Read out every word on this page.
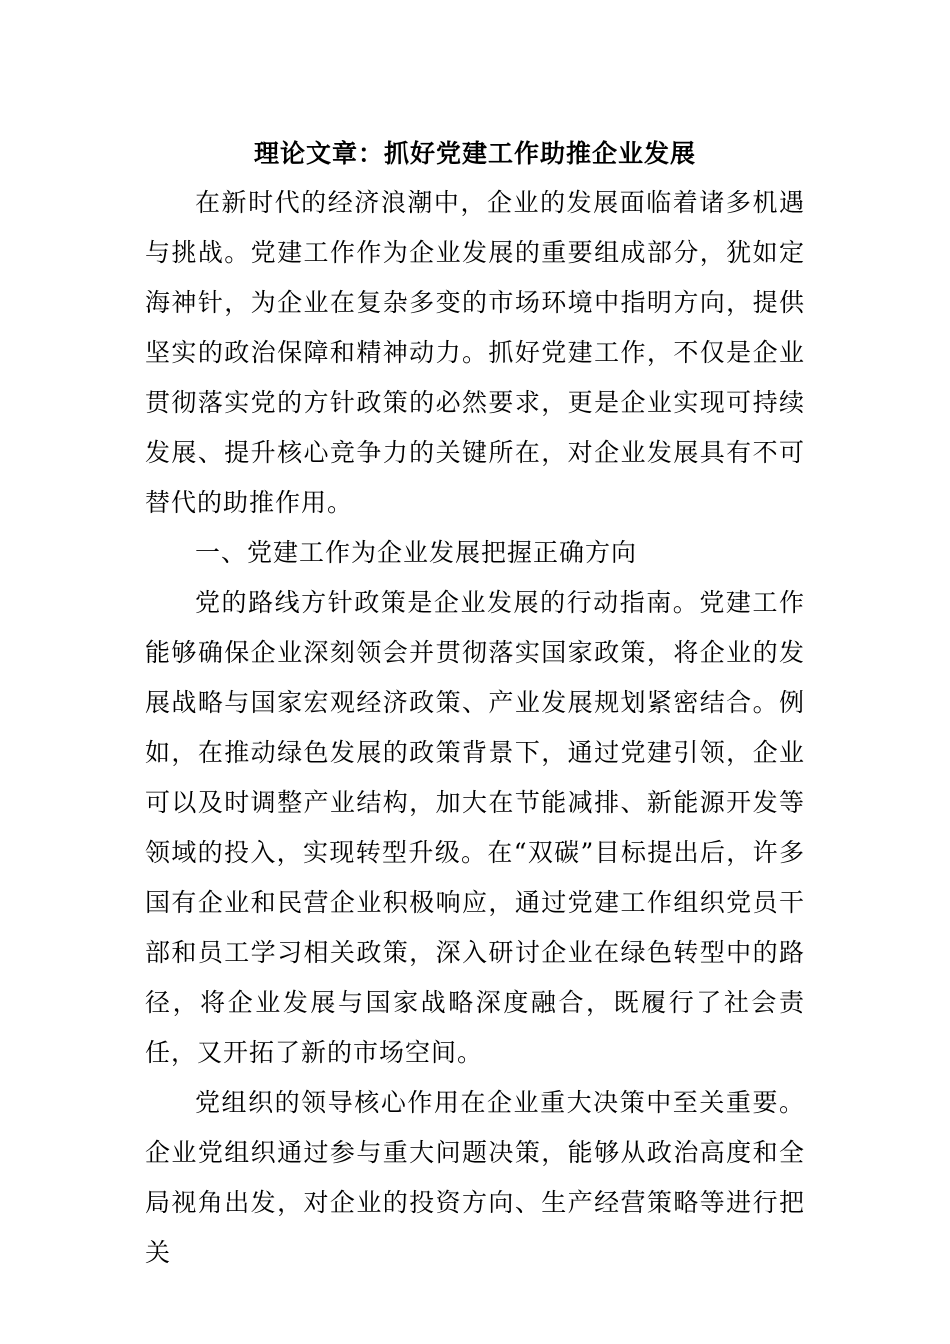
理论文章：抓好党建工作助推企业发展

在新时代的经济浪潮中，企业的发展面临着诸多机遇与挑战。党建工作作为企业发展的重要组成部分，犹如定海神针，为企业在复杂多变的市场环境中指明方向，提供坚实的政治保障和精神动力。抓好党建工作，不仅是企业贯彻落实党的方针政策的必然要求，更是企业实现可持续发展、提升核心竞争力的关键所在，对企业发展具有不可替代的助推作用。

一、党建工作为企业发展把握正确方向

党的路线方针政策是企业发展的行动指南。党建工作能够确保企业深刻领会并贯彻落实国家政策，将企业的发展战略与国家宏观经济政策、产业发展规划紧密结合。例如，在推动绿色发展的政策背景下，通过党建引领，企业可以及时调整产业结构，加大在节能减排、新能源开发等领域的投入，实现转型升级。在“双碳”目标提出后，许多国有企业和民营企业积极响应，通过党建工作组织党员干部和员工学习相关政策，深入研讨企业在绿色转型中的路径，将企业发展与国家战略深度融合，既履行了社会责任，又开拓了新的市场空间。

党组织的领导核心作用在企业重大决策中至关重要。企业党组织通过参与重大问题决策，能够从政治高度和全局视角出发，对企业的投资方向、生产经营策略等进行把关
